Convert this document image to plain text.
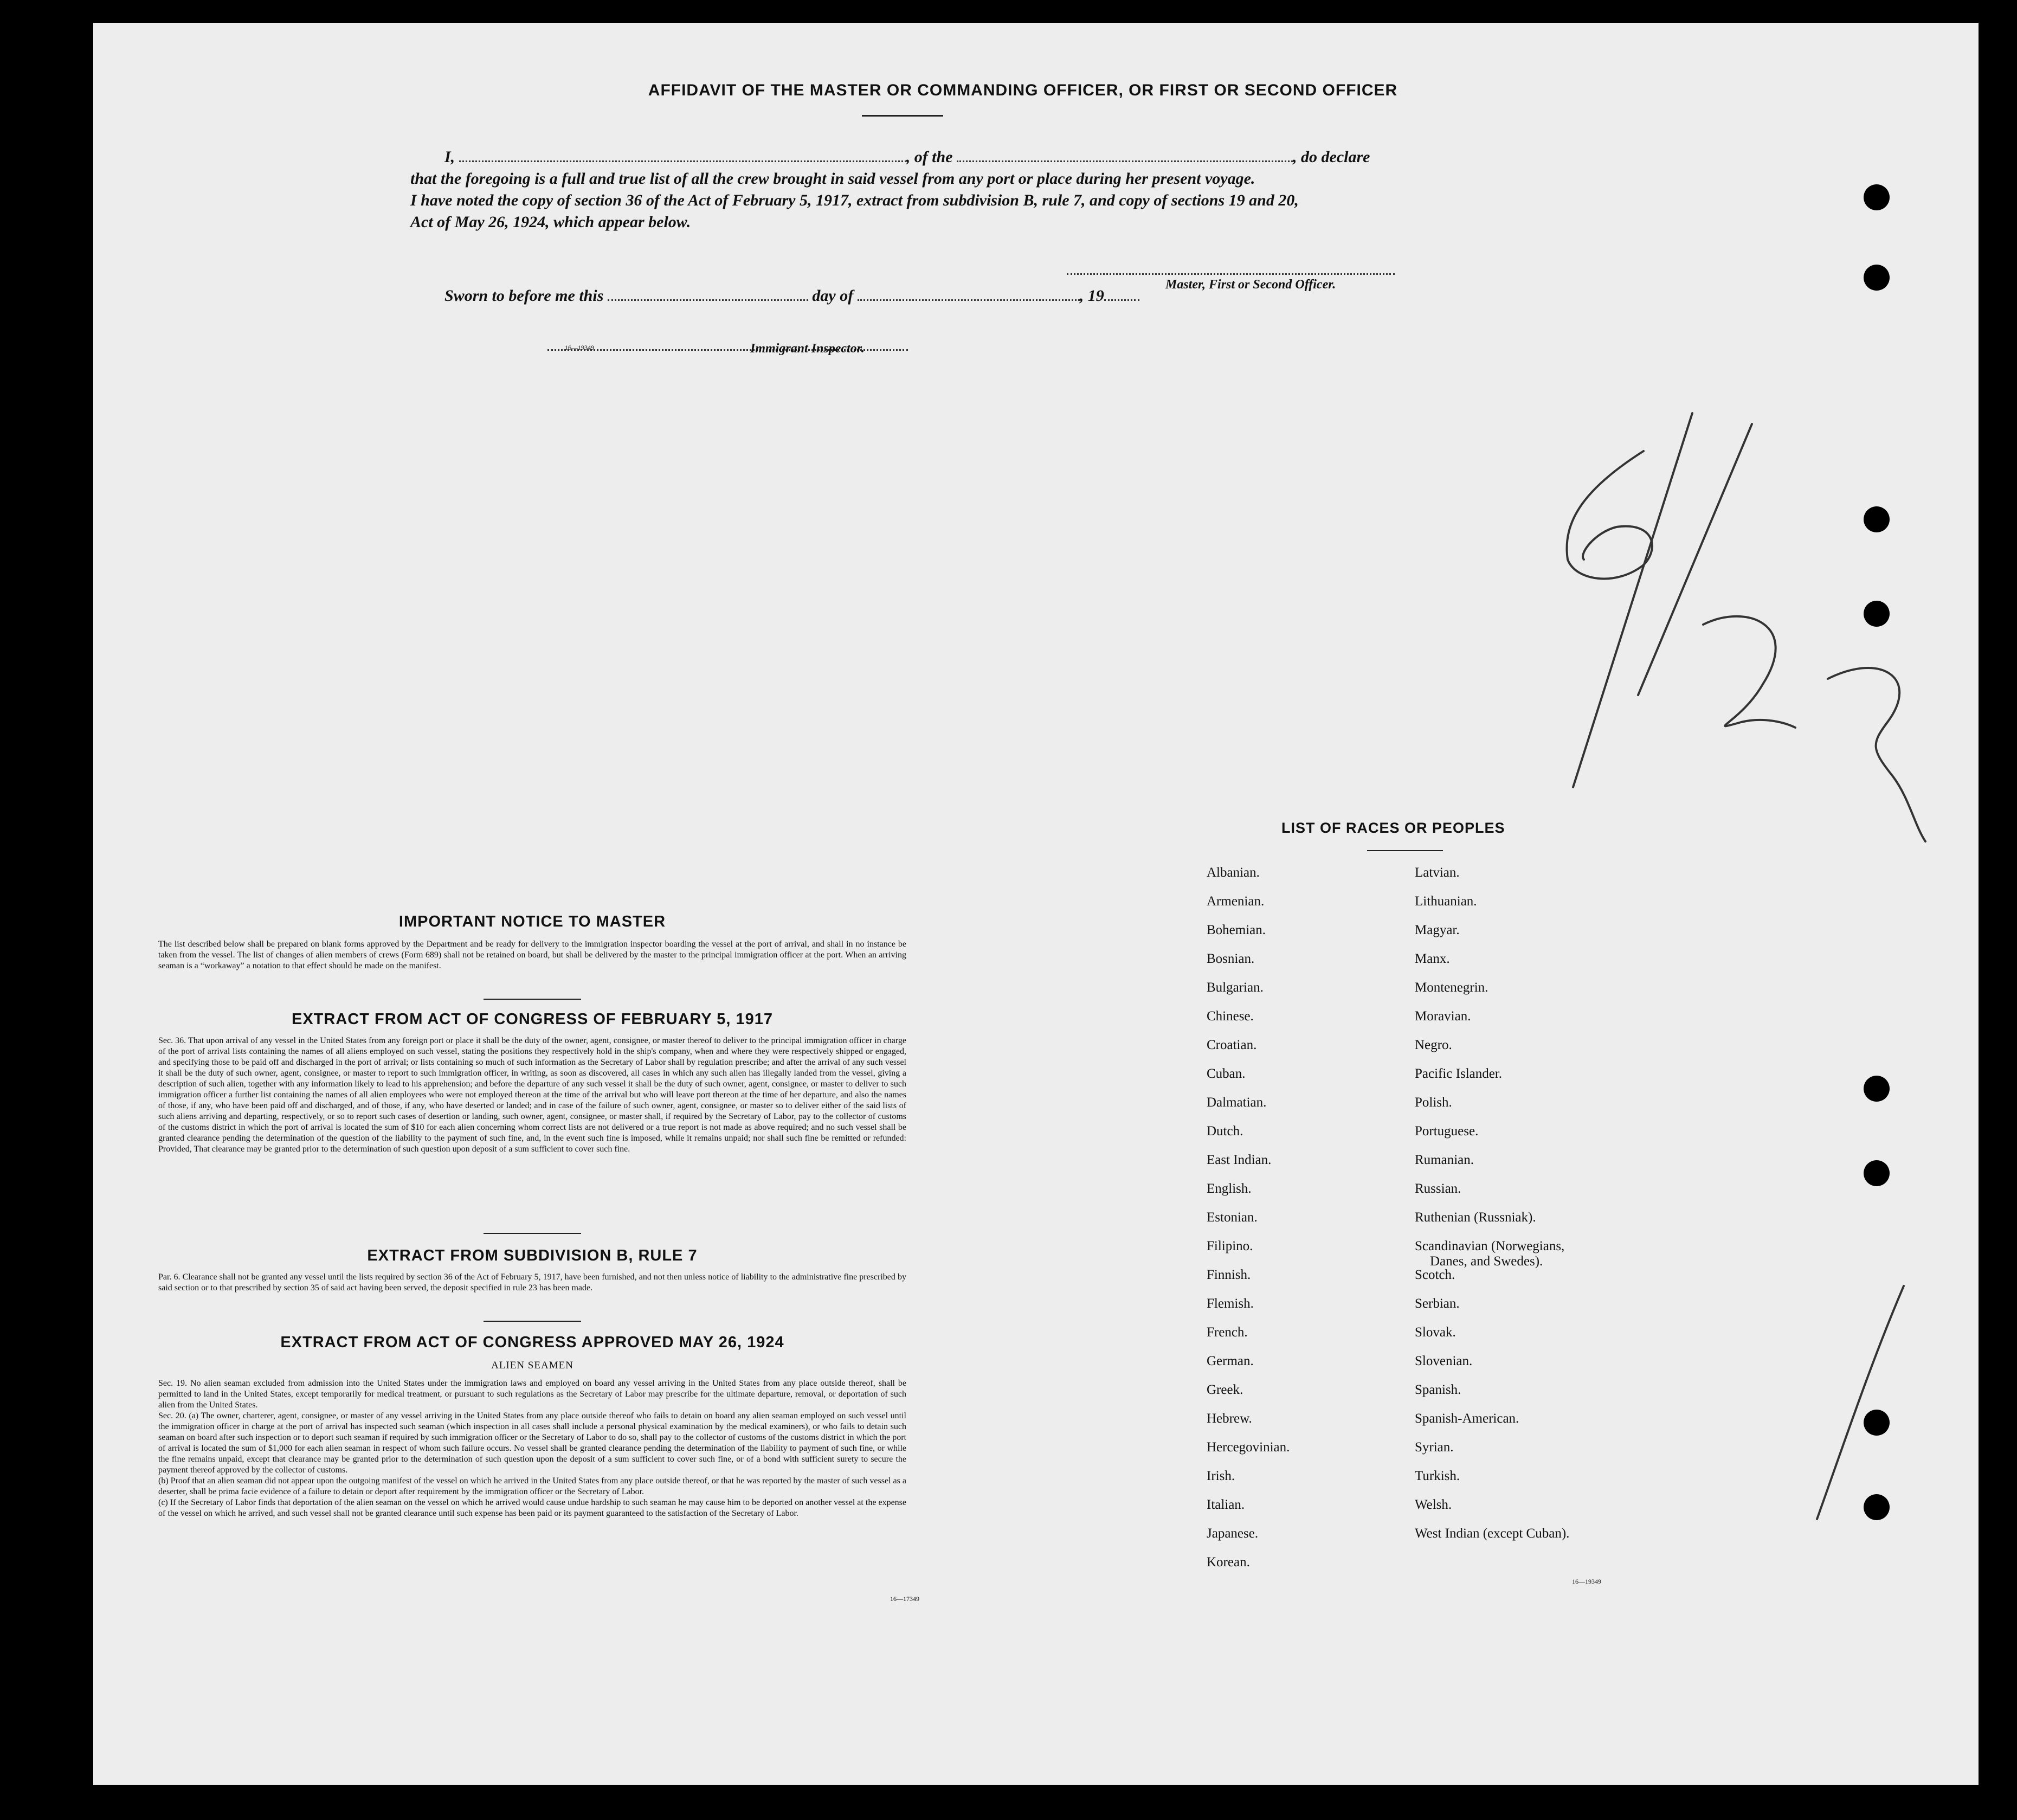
AFFIDAVIT OF THE MASTER OR COMMANDING OFFICER, OR FIRST OR SECOND OFFICER
I,	, of the	, do declare
that the foregoing is a full and true list of all the crew brought in said vessel from any port or place during her present voyage.
I have noted the copy of section 36 of the Act of February 5, 1917, extract from subdivision B, rule 7, and copy of sections 19 and 20,
Act of May 26, 1924, which appear below.
Master, First or Second Officer.
Sworn to before me this	day of	, 19
16—19349	Immigrant Inspector.
IMPORTANT NOTICE TO MASTER
The list described below shall be prepared on blank forms approved by the Department and be ready for delivery to the immigration inspector boarding the vessel at the port of arrival, and shall in no instance be taken from the vessel. The list of changes of alien members of crews (Form 689) shall not be retained on board, but shall be delivered by the master to the principal immigration officer at the port. When an arriving seaman is a “workaway” a notation to that effect should be made on the manifest.
EXTRACT FROM ACT OF CONGRESS OF FEBRUARY 5, 1917
Sec. 36. That upon arrival of any vessel in the United States from any foreign port or place it shall be the duty of the owner, agent, consignee, or master thereof to deliver to the principal immigration officer in charge of the port of arrival lists containing the names of all aliens employed on such vessel, stating the positions they respectively hold in the ship's company, when and where they were respectively shipped or engaged, and specifying those to be paid off and discharged in the port of arrival; or lists containing so much of such information as the Secretary of Labor shall by regulation prescribe; and after the arrival of any such vessel it shall be the duty of such owner, agent, consignee, or master to report to such immigration officer, in writing, as soon as discovered, all cases in which any such alien has illegally landed from the vessel, giving a description of such alien, together with any information likely to lead to his apprehension; and before the departure of any such vessel it shall be the duty of such owner, agent, consignee, or master to deliver to such immigration officer a further list containing the names of all alien employees who were not employed thereon at the time of the arrival but who will leave port thereon at the time of her departure, and also the names of those, if any, who have been paid off and discharged, and of those, if any, who have deserted or landed; and in case of the failure of such owner, agent, consignee, or master so to deliver either of the said lists of such aliens arriving and departing, respectively, or so to report such cases of desertion or landing, such owner, agent, consignee, or master shall, if required by the Secretary of Labor, pay to the collector of customs of the customs district in which the port of arrival is located the sum of $10 for each alien concerning whom correct lists are not delivered or a true report is not made as above required; and no such vessel shall be granted clearance pending the determination of the question of the liability to the payment of such fine, and, in the event such fine is imposed, while it remains unpaid; nor shall such fine be remitted or refunded: Provided, That clearance may be granted prior to the determination of such question upon deposit of a sum sufficient to cover such fine.
EXTRACT FROM SUBDIVISION B, RULE 7
Par. 6. Clearance shall not be granted any vessel until the lists required by section 36 of the Act of February 5, 1917, have been furnished, and not then unless notice of liability to the administrative fine prescribed by said section or to that prescribed by section 35 of said act having been served, the deposit specified in rule 23 has been made.
EXTRACT FROM ACT OF CONGRESS APPROVED MAY 26, 1924
ALIEN SEAMEN
Sec. 19. No alien seaman excluded from admission into the United States under the immigration laws and employed on board any vessel arriving in the United States from any place outside thereof, shall be permitted to land in the United States, except temporarily for medical treatment, or pursuant to such regulations as the Secretary of Labor may prescribe for the ultimate departure, removal, or deportation of such alien from the United States.
Sec. 20. (a) The owner, charterer, agent, consignee, or master of any vessel arriving in the United States from any place outside thereof who fails to detain on board any alien seaman employed on such vessel until the immigration officer in charge at the port of arrival has inspected such seaman (which inspection in all cases shall include a personal physical examination by the medical examiners), or who fails to detain such seaman on board after such inspection or to deport such seaman if required by such immigration officer or the Secretary of Labor to do so, shall pay to the collector of customs of the customs district in which the port of arrival is located the sum of $1,000 for each alien seaman in respect of whom such failure occurs. No vessel shall be granted clearance pending the determination of the liability to payment of such fine, or while the fine remains unpaid, except that clearance may be granted prior to the determination of such question upon the deposit of a sum sufficient to cover such fine, or of a bond with sufficient surety to secure the payment thereof approved by the collector of customs.
(b) Proof that an alien seaman did not appear upon the outgoing manifest of the vessel on which he arrived in the United States from any place outside thereof, or that he was reported by the master of such vessel as a deserter, shall be prima facie evidence of a failure to detain or deport after requirement by the immigration officer or the Secretary of Labor.
(c) If the Secretary of Labor finds that deportation of the alien seaman on the vessel on which he arrived would cause undue hardship to such seaman he may cause him to be deported on another vessel at the expense of the vessel on which he arrived, and such vessel shall not be granted clearance until such expense has been paid or its payment guaranteed to the satisfaction of the Secretary of Labor.
16—17349
LIST OF RACES OR PEOPLES
Albanian.
Armenian.
Bohemian.
Bosnian.
Bulgarian.
Chinese.
Croatian.
Cuban.
Dalmatian.
Dutch.
East Indian.
English.
Estonian.
Filipino.
Finnish.
Flemish.
French.
German.
Greek.
Hebrew.
Hercegovinian.
Irish.
Italian.
Japanese.
Korean.
Latvian.
Lithuanian.
Magyar.
Manx.
Montenegrin.
Moravian.
Negro.
Pacific Islander.
Polish.
Portuguese.
Rumanian.
Russian.
Ruthenian (Russniak).
Scandinavian (Norwegians,
Danes, and Swedes).
Scotch.
Serbian.
Slovak.
Slovenian.
Spanish.
Spanish-American.
Syrian.
Turkish.
Welsh.
West Indian (except Cuban).
16—19349
